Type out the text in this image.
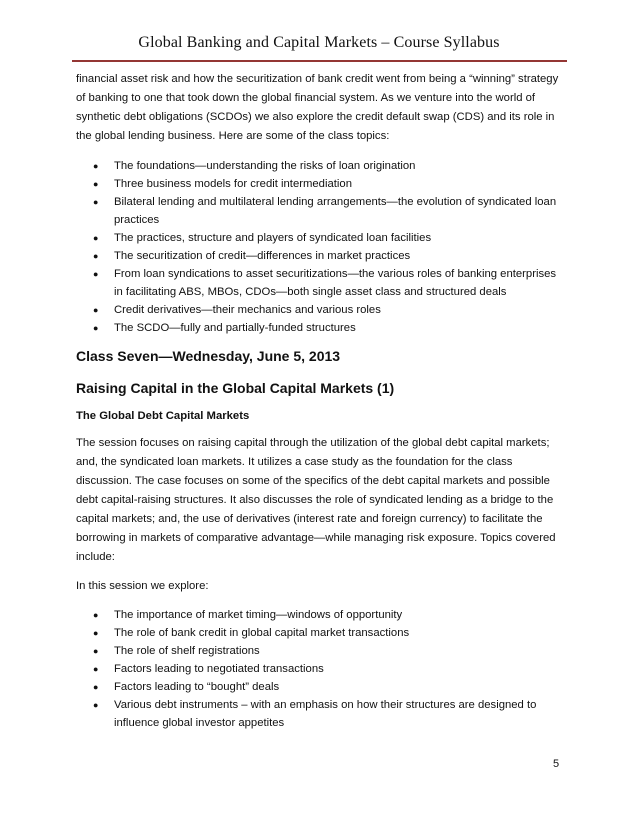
Global Banking and Capital Markets – Course Syllabus

financial asset risk and how the securitization of bank credit went from being a “winning” strategy of banking to one that took down the global financial system. As we venture into the world of synthetic debt obligations (SCDOs) we also explore the credit default swap (CDS) and its role in the global lending business. Here are some of the class topics:

● The foundations—understanding the risks of loan origination
● Three business models for credit intermediation
● Bilateral lending and multilateral lending arrangements—the evolution of syndicated loan practices
● The practices, structure and players of syndicated loan facilities
● The securitization of credit—differences in market practices
● From loan syndications to asset securitizations—the various roles of banking enterprises in facilitating ABS, MBOs, CDOs—both single asset class and structured deals
● Credit derivatives—their mechanics and various roles
● The SCDO—fully and partially-funded structures
Class Seven—Wednesday, June 5, 2013
Raising Capital in the Global Capital Markets (1)
The Global Debt Capital Markets

The session focuses on raising capital through the utilization of the global debt capital markets; and, the syndicated loan markets. It utilizes a case study as the foundation for the class discussion. The case focuses on some of the specifics of the debt capital markets and possible debt capital-raising structures. It also discusses the role of syndicated lending as a bridge to the capital markets; and, the use of derivatives (interest rate and foreign currency) to facilitate the borrowing in markets of comparative advantage—while managing risk exposure. Topics covered include:

In this session we explore:

● The importance of market timing—windows of opportunity
● The role of bank credit in global capital market transactions
● The role of shelf registrations
● Factors leading to negotiated transactions
● Factors leading to “bought” deals
● Various debt instruments – with an emphasis on how their structures are designed to influence global investor appetites
5
